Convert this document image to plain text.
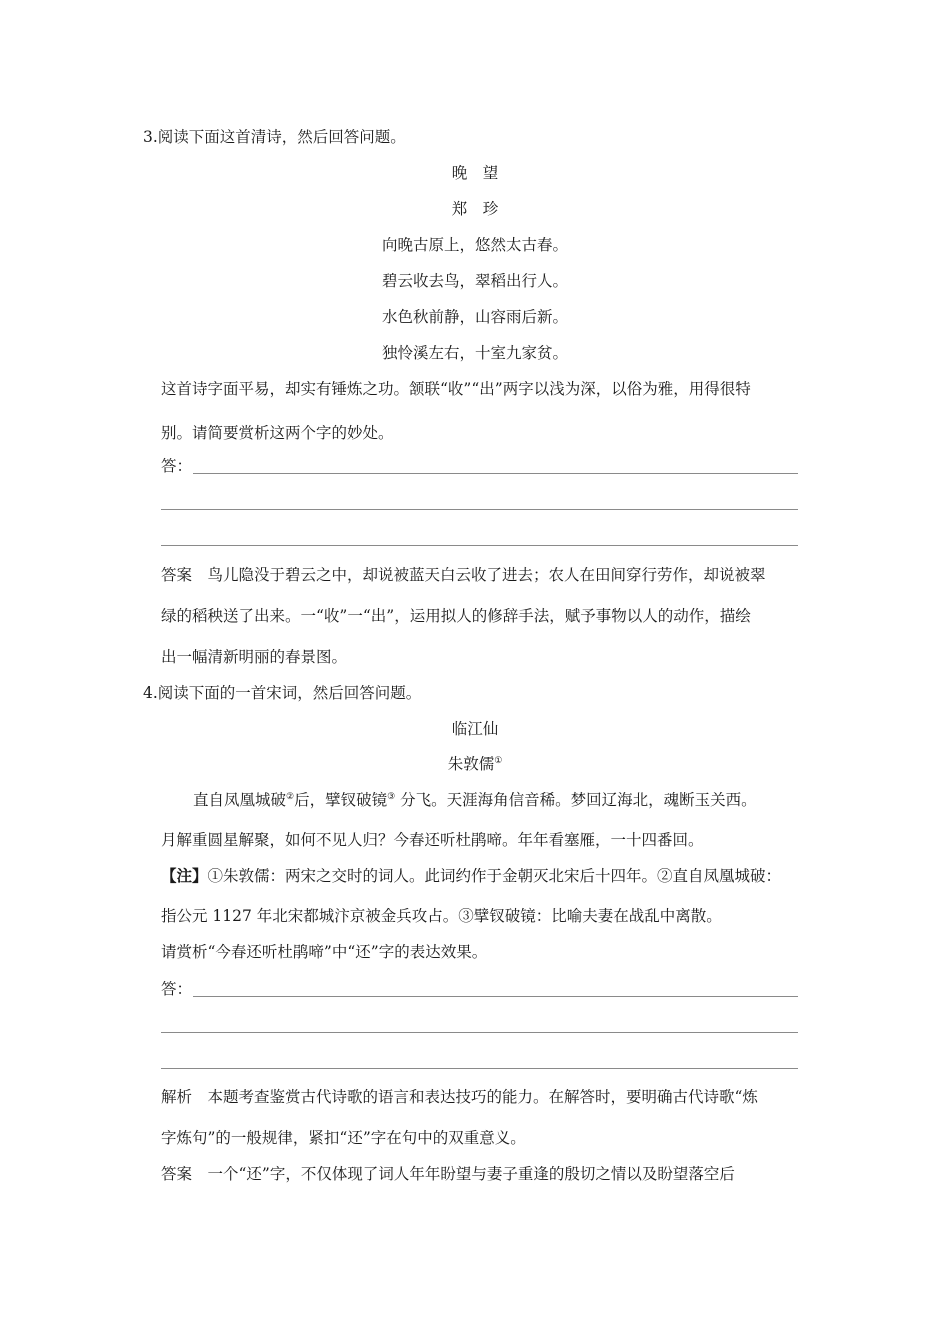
3.阅读下面这首清诗，然后回答问题。
晚　望
郑　珍
向晚古原上，悠然太古春。
碧云收去鸟，翠稻出行人。
水色秋前静，山容雨后新。
独怜溪左右，十室九家贫。
这首诗字面平易，却实有锤炼之功。颔联“收”“出”两字以浅为深，以俗为雅，用得很特
别。请简要赏析这两个字的妙处。
答：
答案　鸟儿隐没于碧云之中，却说被蓝天白云收了进去；农人在田间穿行劳作，却说被翠
绿的稻秧送了出来。一“收”一“出”，运用拟人的修辞手法，赋予事物以人的动作，描绘
出一幅清新明丽的春景图。
4.阅读下面的一首宋词，然后回答问题。
临江仙
朱敦儒①
直自凤凰城破②后，擘钗破镜③ 分飞。天涯海角信音稀。梦回辽海北，魂断玉关西。
月解重圆星解聚，如何不见人归？今春还听杜鹃啼。年年看塞雁，一十四番回。
【注】①朱敦儒：两宋之交时的词人。此词约作于金朝灭北宋后十四年。②直自凤凰城破：
指公元 1127 年北宋都城汴京被金兵攻占。③擘钗破镜：比喻夫妻在战乱中离散。
请赏析“今春还听杜鹃啼”中“还”字的表达效果。
答：
解析　本题考查鉴赏古代诗歌的语言和表达技巧的能力。在解答时，要明确古代诗歌“炼
字炼句”的一般规律，紧扣“还”字在句中的双重意义。
答案　一个“还”字，不仅体现了词人年年盼望与妻子重逢的殷切之情以及盼望落空后
